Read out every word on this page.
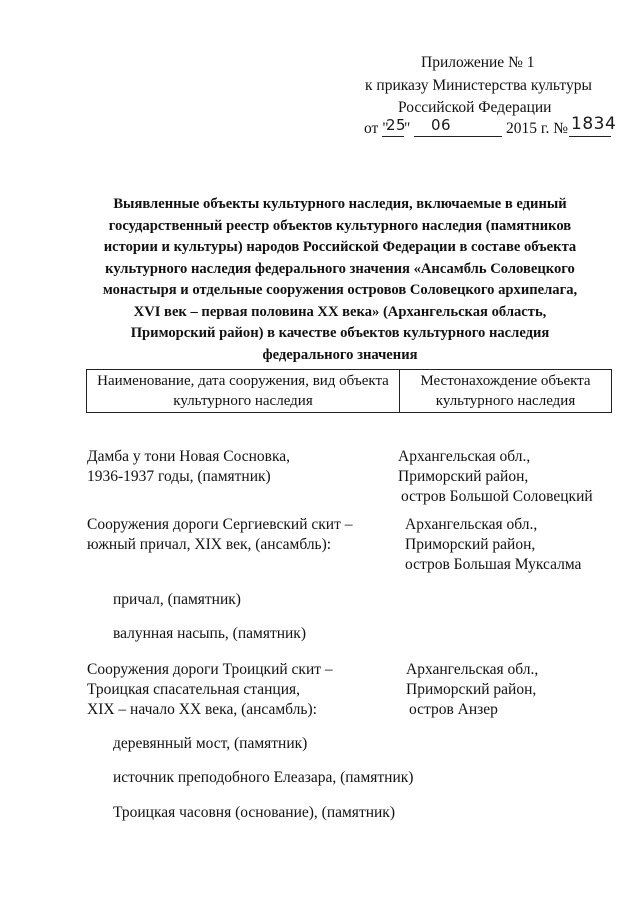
Приложение № 1
к приказу Министерства культуры
Российской Федерации
от "
25
" 06	2015 г. № 1834
Выявленные объекты культурного наследия, включаемые в единый
государственный реестр объектов культурного наследия (памятников
истории и культуры) народов Российской Федерации в составе объекта
культурного наследия федерального значения «Ансамбль Соловецкого
монастыря и отдельные сооружения островов Соловецкого архипелага,
XVI век – первая половина XX века» (Архангельская область,
Приморский район) в качестве объектов культурного наследия
федерального значения
Наименование, дата сооружения, вид объекта
культурного наследия
Местонахождение объекта
культурного наследия
Дамба у тони Новая Сосновка,
1936-1937 годы, (памятник)
Архангельская обл.,
Приморский район,
остров Большой Соловецкий
Сооружения дороги Сергиевский скит –
южный причал, XIX век, (ансамбль):
Архангельская обл.,
Приморский район,
остров Большая Муксалма
причал, (памятник)
валунная насыпь, (памятник)
Сооружения дороги Троицкий скит –
Троицкая спасательная станция,
XIX – начало XX века, (ансамбль):
Архангельская обл.,
Приморский район,
остров Анзер
деревянный мост, (памятник)
источник преподобного Елеазара, (памятник)
Троицкая часовня (основание), (памятник)
